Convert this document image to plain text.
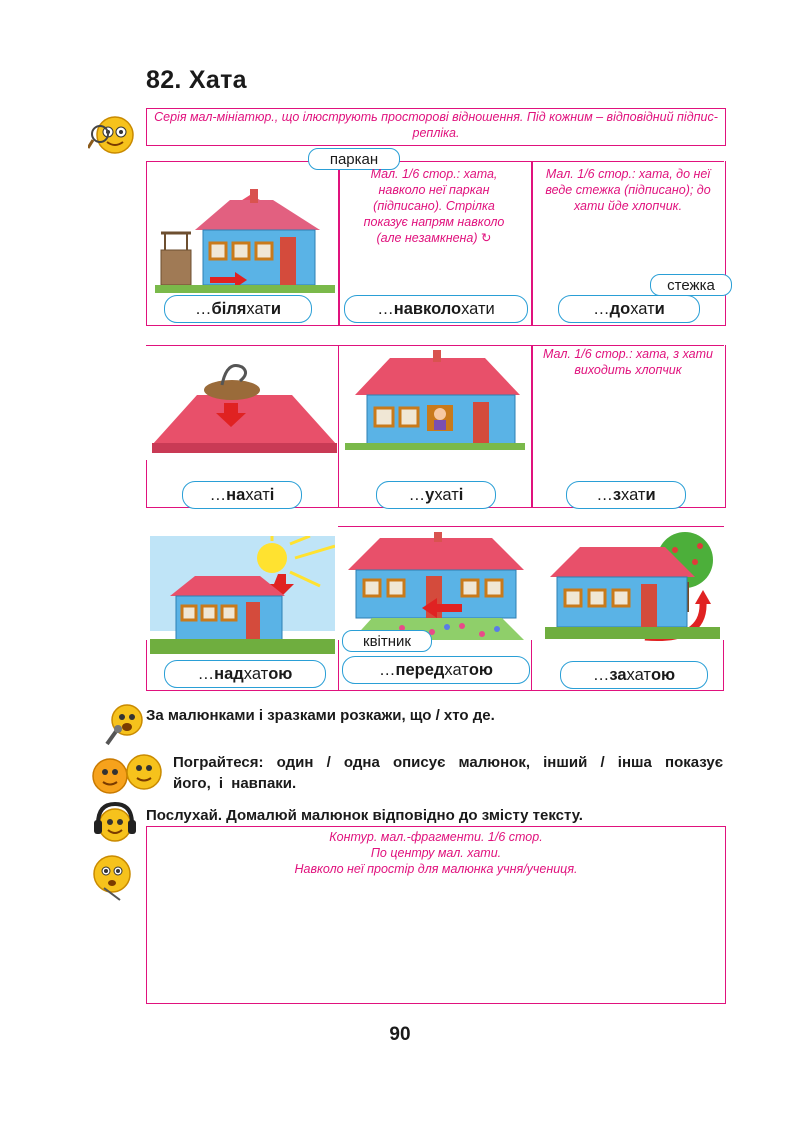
82. Хата
Серія мал-мініатюр., що ілюструють просторові відношення. Під кожним – відповідний підпис-репліка.
паркан
Мал. 1/6 стор.: хата, навколо неї паркан (підписано). Стрілка показує напрям навколо (але незамкнена) ↻
Мал. 1/6 стор.: хата, до неї веде стежка (підписано); до хати йде хлопчик.
стежка
… біля хат и	… навколо хати	… до хат и
Мал. 1/6 стор.: хата, з хати виходить хлопчик
… на хат і	… у хат і	… з хат и
квітник
… над хат ою	… перед хат ою	… за хат ою
За малюнками і зразками розкажи, що / хто де.
Пограйтеся: один / одна описує малюнок, інший / інша показує його, і навпаки.
Послухай. Домалюй малюнок відповідно до змісту тексту.
Контур. мал.-фрагменти. 1/6 стор.
По центру мал. хати.
Навколо неї простір для малюнка учня/учениця.
90
